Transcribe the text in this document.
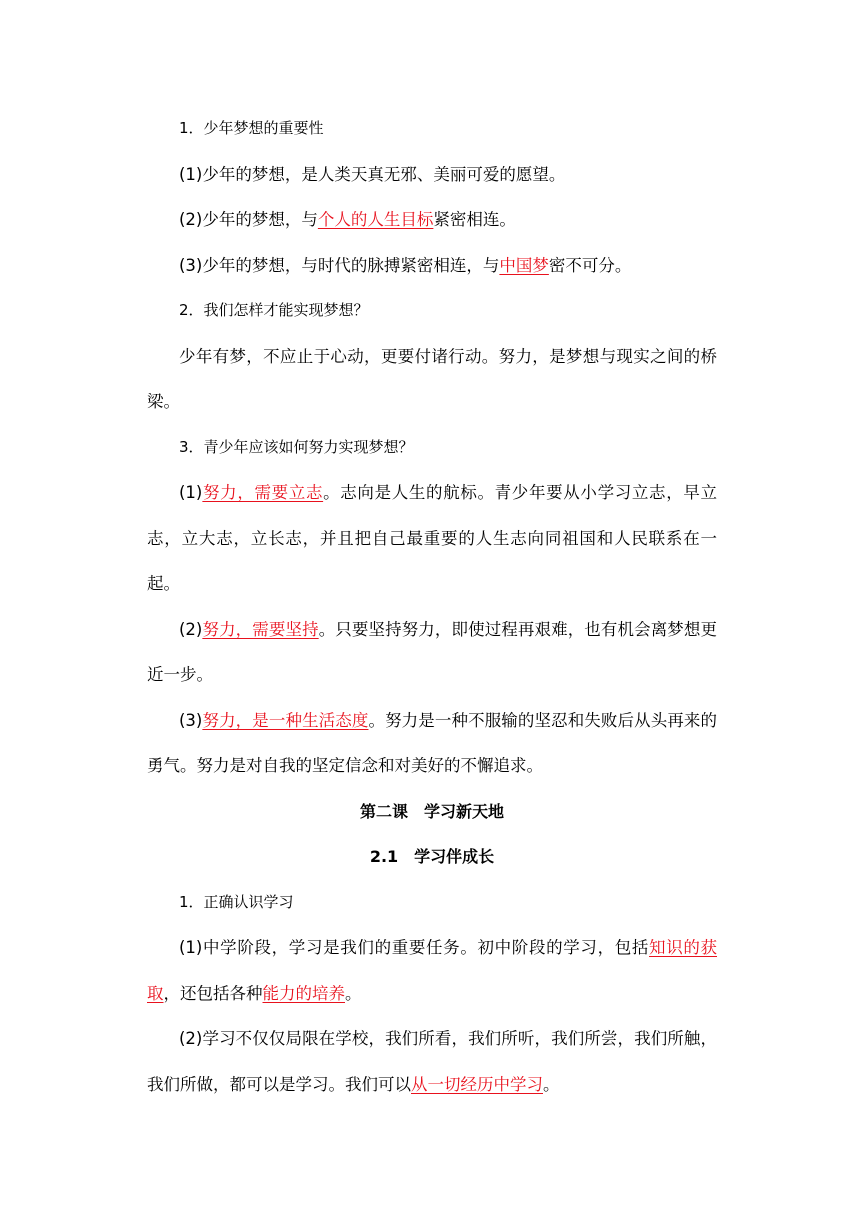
1．少年梦想的重要性

(1)少年的梦想，是人类天真无邪、美丽可爱的愿望。

(2)少年的梦想，与个人的人生目标紧密相连。

(3)少年的梦想，与时代的脉搏紧密相连，与中国梦密不可分。

2．我们怎样才能实现梦想？

少年有梦，不应止于心动，更要付诸行动。努力，是梦想与现实之间的桥梁。

3．青少年应该如何努力实现梦想？

(1)努力，需要立志。志向是人生的航标。青少年要从小学习立志，早立志，立大志，立长志，并且把自己最重要的人生志向同祖国和人民联系在一起。

(2)努力，需要坚持。只要坚持努力，即使过程再艰难，也有机会离梦想更近一步。

(3)努力，是一种生活态度。努力是一种不服输的坚忍和失败后从头再来的勇气。努力是对自我的坚定信念和对美好的不懈追求。

第二课　学习新天地

2.1　学习伴成长

1．正确认识学习

(1)中学阶段，学习是我们的重要任务。初中阶段的学习，包括知识的获取，还包括各种能力的培养。

(2)学习不仅仅局限在学校，我们所看，我们所听，我们所尝，我们所触，我们所做，都可以是学习。我们可以从一切经历中学习。
